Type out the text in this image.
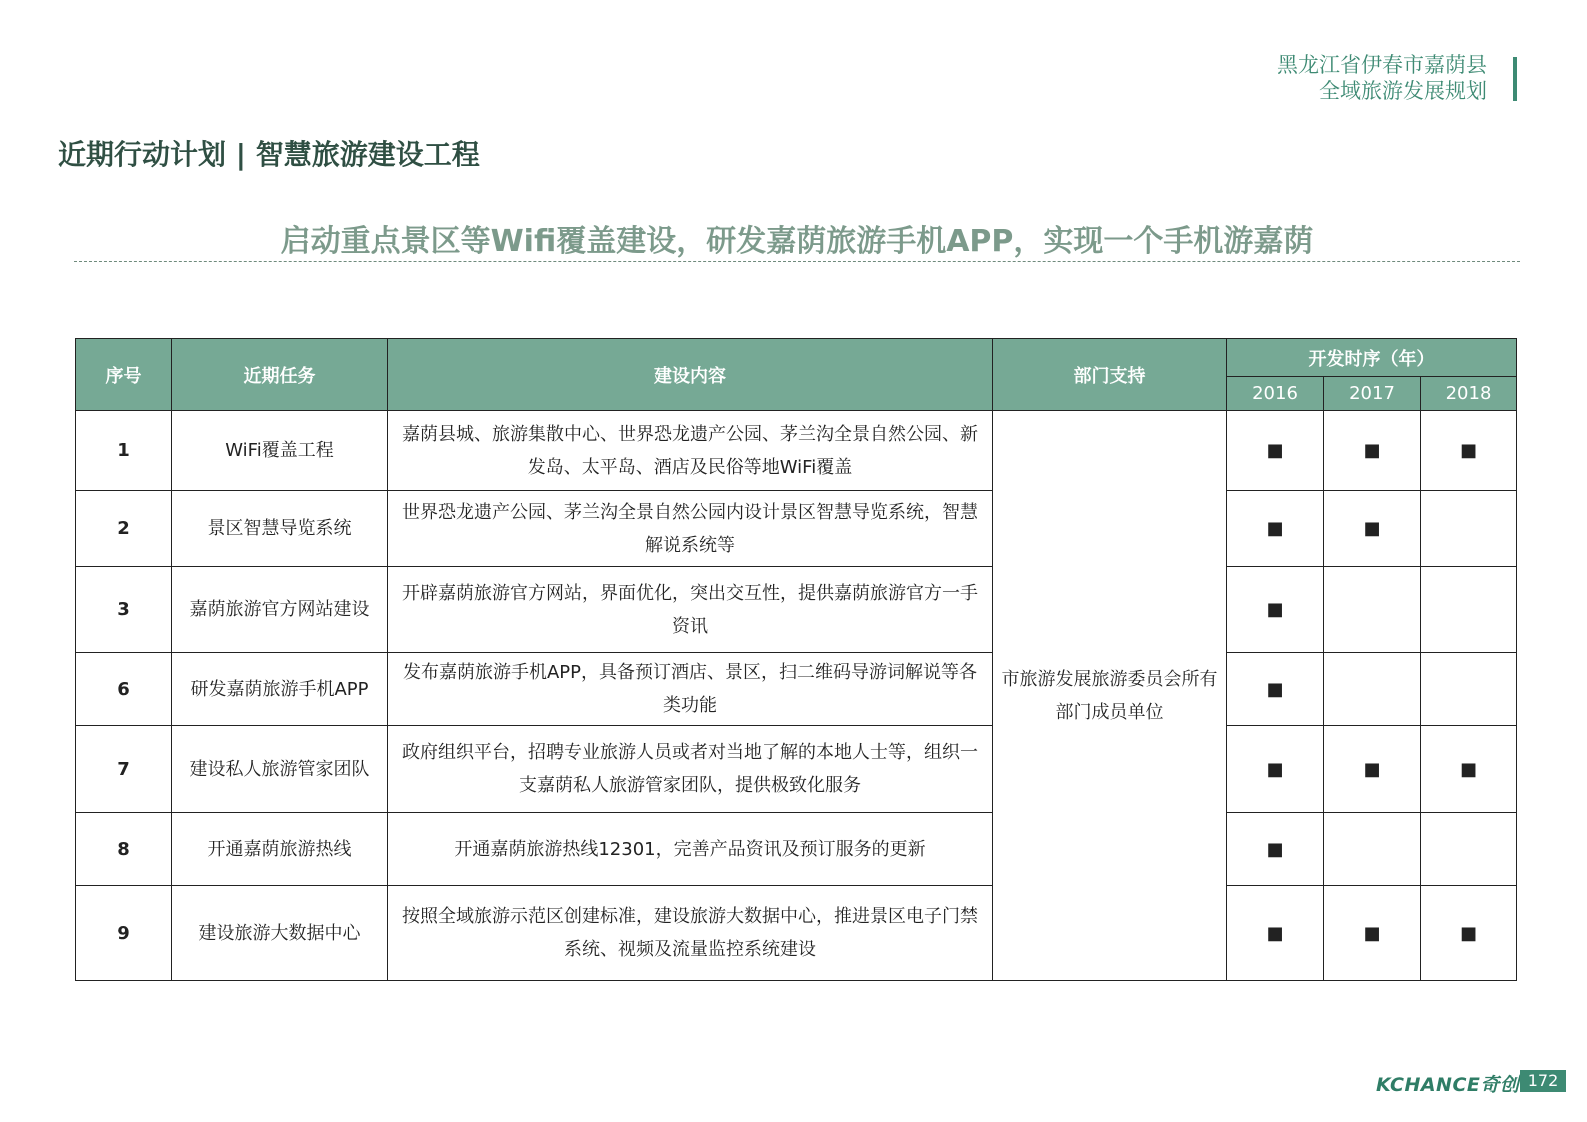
黑龙江省伊春市嘉荫县
全域旅游发展规划
近期行动计划 | 智慧旅游建设工程
启动重点景区等Wifi覆盖建设，研发嘉荫旅游手机APP，实现一个手机游嘉荫
序号	近期任务	建设内容	部门支持	开发时序（年）		
				2016	2017	2018
1	WiFi覆盖工程	嘉荫县城、旅游集散中心、世界恐龙遗产公园、茅兰沟全景自然公园、新发岛、太平岛、酒店及民俗等地WiFi覆盖	市旅游发展旅游委员会所有部门成员单位	■	■	■
2	景区智慧导览系统	世界恐龙遗产公园、茅兰沟全景自然公园内设计景区智慧导览系统，智慧解说系统等		■	■	
3	嘉荫旅游官方网站建设	开辟嘉荫旅游官方网站，界面优化，突出交互性，提供嘉荫旅游官方一手资讯		■		
6	研发嘉荫旅游手机APP	发布嘉荫旅游手机APP，具备预订酒店、景区，扫二维码导游词解说等各类功能		■		
7	建设私人旅游管家团队	政府组织平台，招聘专业旅游人员或者对当地了解的本地人士等，组织一支嘉荫私人旅游管家团队，提供极致化服务		■	■	■
8	开通嘉荫旅游热线	开通嘉荫旅游热线12301，完善产品资讯及预订服务的更新		■		
9	建设旅游大数据中心	按照全域旅游示范区创建标准，建设旅游大数据中心，推进景区电子门禁系统、视频及流量监控系统建设		■	■	■
KCHANCE奇创 172
